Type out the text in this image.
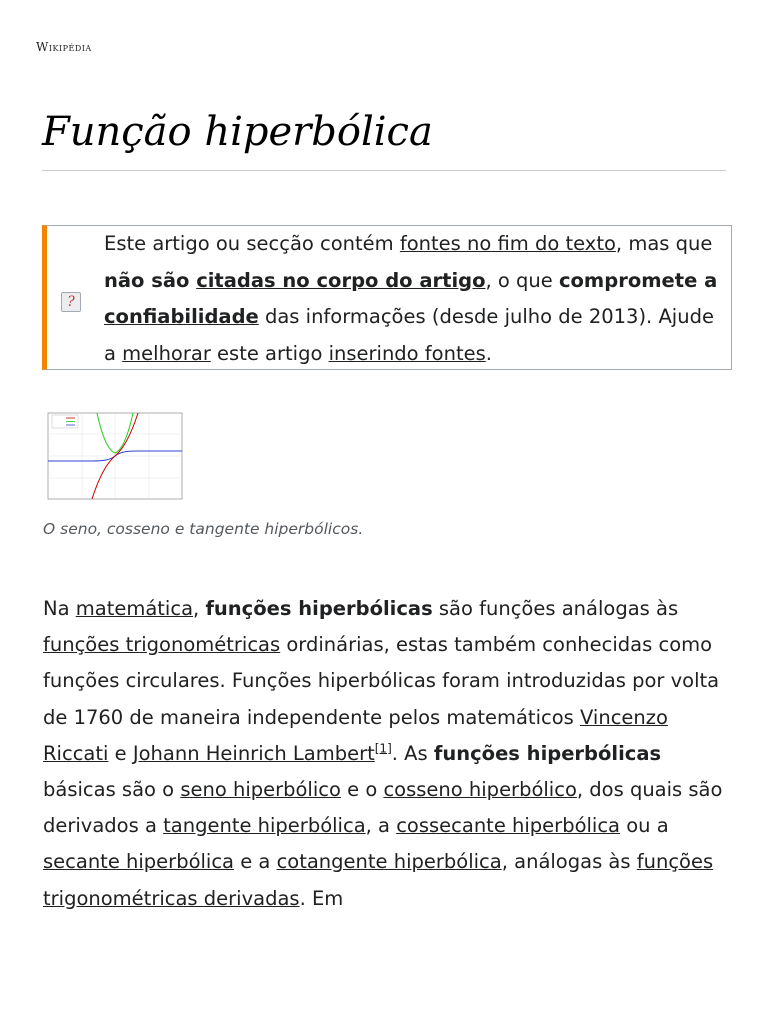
Wikipédia
Função hiperbólica
?
Este artigo ou secção contém fontes no fim do texto, mas que não são citadas no corpo do artigo, o que compromete a confiabilidade das informações (desde julho de 2013). Ajude a melhorar este artigo inserindo fontes.
O seno, cosseno e tangente hiperbólicos.
Na matemática, funções hiperbólicas são funções análogas às funções trigonométricas ordinárias, estas também conhecidas como funções circulares. Funções hiperbólicas foram introduzidas por volta de 1760 de maneira independente pelos matemáticos Vincenzo Riccati e Johann Heinrich Lambert[1]. As funções hiperbólicas básicas são o seno hiperbólico e o cosseno hiperbólico, dos quais são derivados a tangente hiperbólica, a cossecante hiperbólica ou a secante hiperbólica e a cotangente hiperbólica, análogas às funções trigonométricas derivadas. Em
